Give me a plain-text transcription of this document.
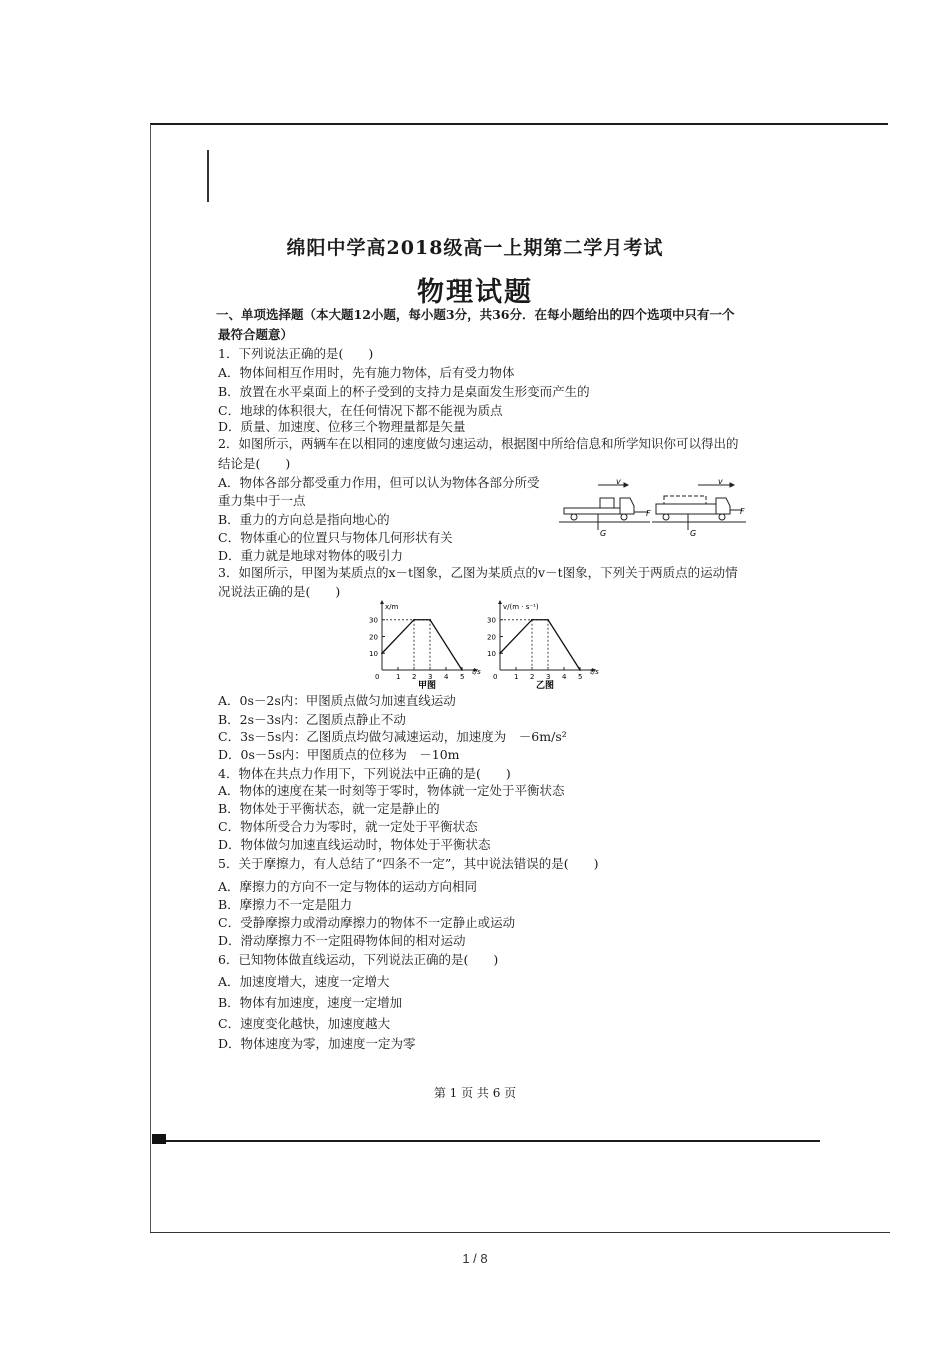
绵阳中学高2018级高一上期第二学月考试
物理试题
一、单项选择题（本大题12小题，每小题3分，共36分．在每小题给出的四个选项中只有一个
最符合题意）
1．下列说法正确的是(　　)
A．物体间相互作用时，先有施力物体，后有受力物体
B．放置在水平桌面上的杯子受到的支持力是桌面发生形变而产生的
C．地球的体积很大，在任何情况下都不能视为质点
D．质量、加速度、位移三个物理量都是矢量
2．如图所示，两辆车在以相同的速度做匀速运动，根据图中所给信息和所学知识你可以得出的
结论是(　　)
A．物体各部分都受重力作用，但可以认为物体各部分所受
重力集中于一点
B．重力的方向总是指向地心的
C．物体重心的位置只与物体几何形状有关
D．重力就是地球对物体的吸引力
v	v
F	F
G	G
3．如图所示，甲图为某质点的x－t图象，乙图为某质点的v－t图象，下列关于两质点的运动情
况说法正确的是(　　)
x/m
t/s
0
10
20
30
1 2 3 4 5
甲图
v/(m · s⁻¹)
t/s
0
10
20
30
1 2 3 4 5
乙图
A．0s－2s内：甲图质点做匀加速直线运动
B．2s－3s内：乙图质点静止不动
C．3s－5s内：乙图质点均做匀减速运动，加速度为　－6m/s²
D．0s－5s内：甲图质点的位移为　－10m
4．物体在共点力作用下，下列说法中正确的是(　　)
A．物体的速度在某一时刻等于零时，物体就一定处于平衡状态
B．物体处于平衡状态，就一定是静止的
C．物体所受合力为零时，就一定处于平衡状态
D．物体做匀加速直线运动时，物体处于平衡状态
5．关于摩擦力，有人总结了“四条不一定”，其中说法错误的是(　　)
A．摩擦力的方向不一定与物体的运动方向相同
B．摩擦力不一定是阻力
C．受静摩擦力或滑动摩擦力的物体不一定静止或运动
D．滑动摩擦力不一定阻碍物体间的相对运动
6．已知物体做直线运动，下列说法正确的是(　　)
A．加速度增大，速度一定增大
B．物体有加速度，速度一定增加
C．速度变化越快，加速度越大
D．物体速度为零，加速度一定为零
第 1 页 共 6 页
1 / 8
